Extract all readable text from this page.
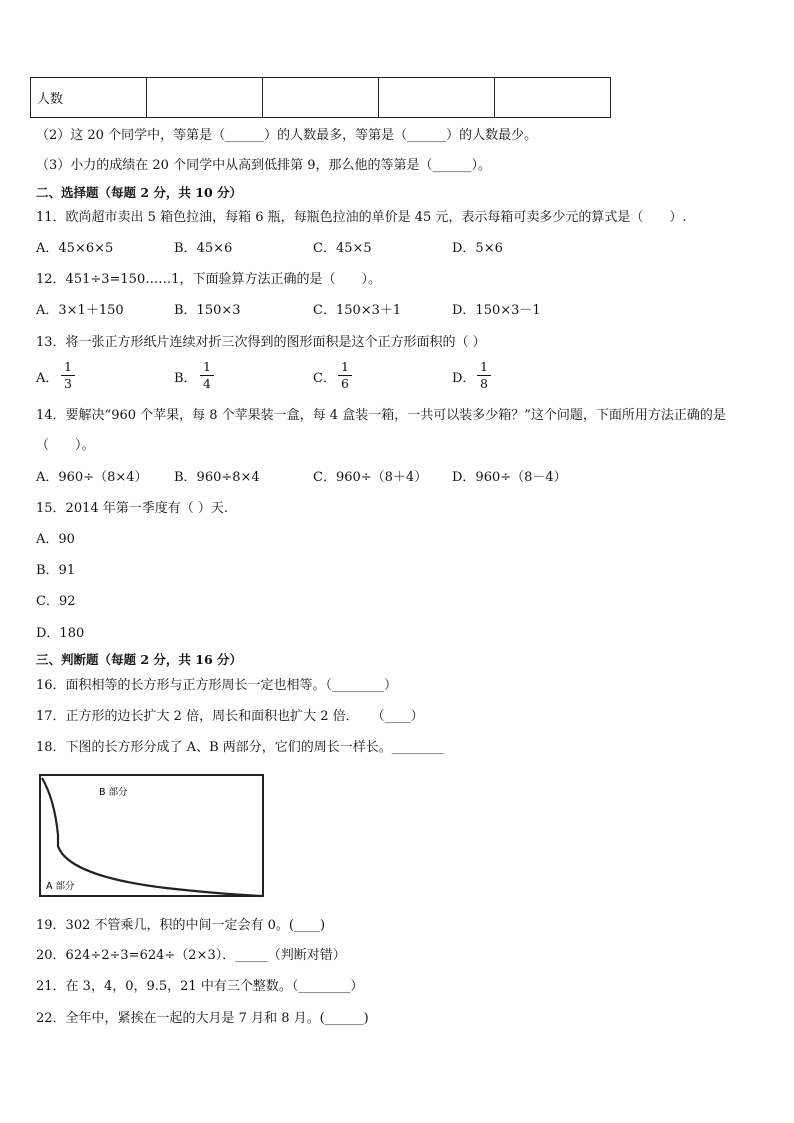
人数				
（2）这 20 个同学中，等第是（______）的人数最多，等第是（______）的人数最少。
（3）小力的成绩在 20 个同学中从高到低排第 9，那么他的等第是（______）。
二、选择题（每题 2 分，共 10 分）
11．欧尚超市卖出 5 箱色拉油，每箱 6 瓶，每瓶色拉油的单价是 45 元，表示每箱可卖多少元的算式是（　　）.
A．45×6×5	B．45×6	C．45×5	D．5×6
12．451÷3=150……1，下面验算方法正确的是（　　）。
A．3×1＋150	B．150×3	C．150×3＋1	D．150×3－1
13．将一张正方形纸片连续对折三次得到的图形面积是这个正方形面积的（ ）
A． $\frac{1}{3}$	B． $\frac{1}{4}$	C． $\frac{1}{6}$	D． $\frac{1}{8}$
14．要解决“960 个苹果，每 8 个苹果装一盒，每 4 盒装一箱，一共可以装多少箱？”这个问题，下面所用方法正确的是
（　　）。
A．960÷（8×4） B．960÷8×4	C．960÷（8＋4） D．960÷（8－4）
15．2014 年第一季度有（ ）天.
A．90
B．91
C．92
D．180
三、判断题（每题 2 分，共 16 分）
16．面积相等的长方形与正方形周长一定也相等。（________）
17．正方形的边长扩大 2 倍，周长和面积也扩大 2 倍．　　（____）
18．下图的长方形分成了 A、B 两部分，它们的周长一样长。________
B 部分
A 部分
19．302 不管乘几，积的中间一定会有 0。(____)
20．624÷2÷3=624÷（2×3）．_____（判断对错）
21．在 3，4，0，9.5，21 中有三个整数。（________）
22．全年中，紧挨在一起的大月是 7 月和 8 月。(______)
